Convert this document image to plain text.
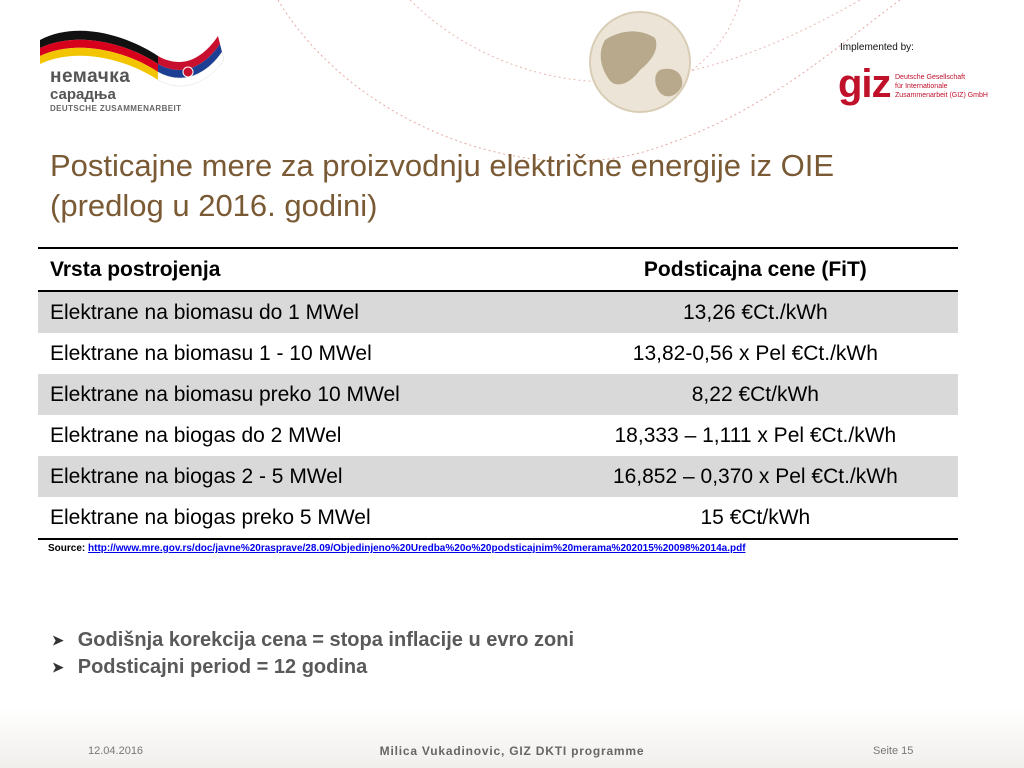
немачка
сарадња
DEUTSCHE ZUSAMMENARBEIT
Implemented by:
giz Deutsche Gesellschaft
für Internationale
Zusammenarbeit (GIZ) GmbH
Posticajne mere za proizvodnju električne energije iz OIE
(predlog u 2016. godini)
Vrsta postrojenja	Podsticajna cene (FiT)
Elektrane na biomasu do 1 MWel	13,26 €Ct./kWh
Elektrane na biomasu 1 - 10 MWel	13,82-0,56 x Pel €Ct./kWh
Elektrane na biomasu preko 10 MWel	8,22 €Ct/kWh
Elektrane na biogas do 2 MWel	18,333 – 1,111 x Pel €Ct./kWh
Elektrane na biogas 2 - 5 MWel	16,852 – 0,370 x Pel €Ct./kWh
Elektrane na biogas preko 5 MWel	15 €Ct/kWh
Source: http://www.mre.gov.rs/doc/javne%20rasprave/28.09/Objedinjeno%20Uredba%20o%20podsticajnim%20merama%202015%20098%2014a.pdf
➤ Godišnja korekcija cena = stopa inflacije u evro zoni
➤ Podsticajni period = 12 godina
12.04.2016	Milica Vukadinovic, GIZ DKTI programme	Seite 15
